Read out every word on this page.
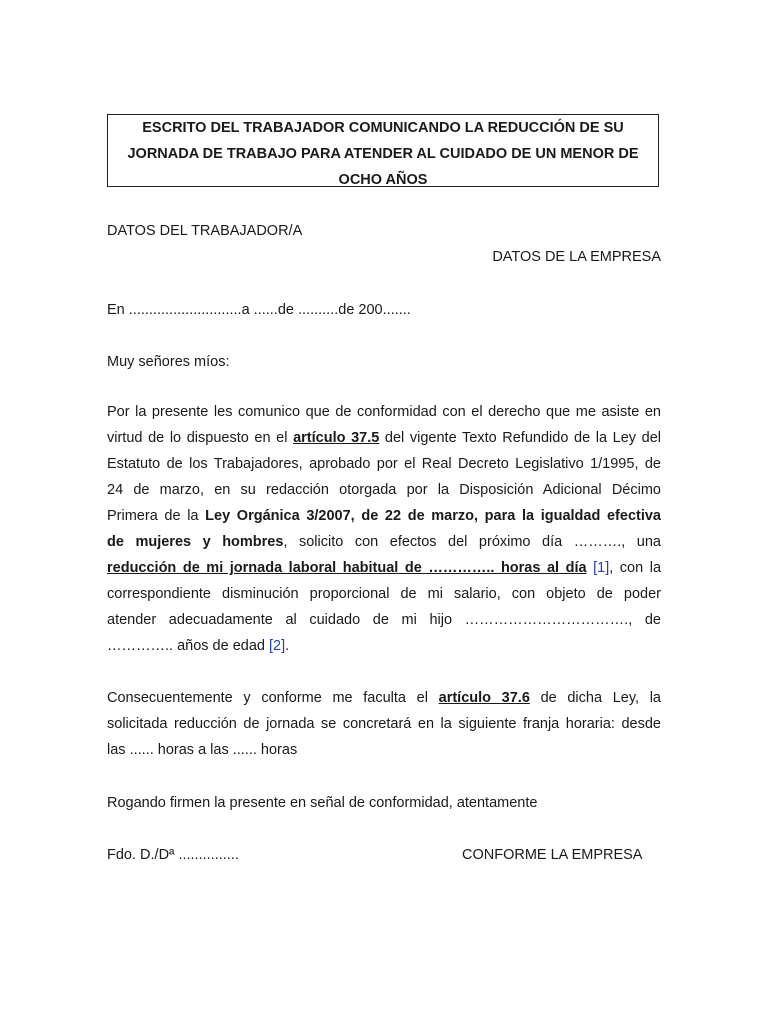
ESCRITO DEL TRABAJADOR COMUNICANDO LA REDUCCIÓN DE SU
JORNADA DE TRABAJO PARA ATENDER AL CUIDADO DE UN MENOR DE
OCHO AÑOS
DATOS DEL TRABAJADOR/A
DATOS DE LA EMPRESA
En ............................a ......de ..........de 200.......
Muy señores míos:
Por la presente les comunico que de conformidad con el derecho que me asiste en
virtud de lo dispuesto en el artículo 37.5 del vigente Texto Refundido de la Ley del
Estatuto de los Trabajadores, aprobado por el Real Decreto Legislativo 1/1995, de
24 de marzo, en su redacción otorgada por la Disposición Adicional Décimo
Primera de la Ley Orgánica 3/2007, de 22 de marzo, para la igualdad efectiva
de mujeres y hombres, solicito con efectos del próximo día ………., una
reducción de mi jornada laboral habitual de ………….. horas al día [1], con la
correspondiente disminución proporcional de mi salario, con objeto de poder
atender adecuadamente al cuidado de mi hijo ……………………………., de
………….. años de edad [2].
Consecuentemente y conforme me faculta el artículo 37.6 de dicha Ley, la
solicitada reducción de jornada se concretará en la siguiente franja horaria: desde
las ...... horas a las ...... horas
Rogando firmen la presente en señal de conformidad, atentamente
Fdo. D./Dª ...............	CONFORME LA EMPRESA
